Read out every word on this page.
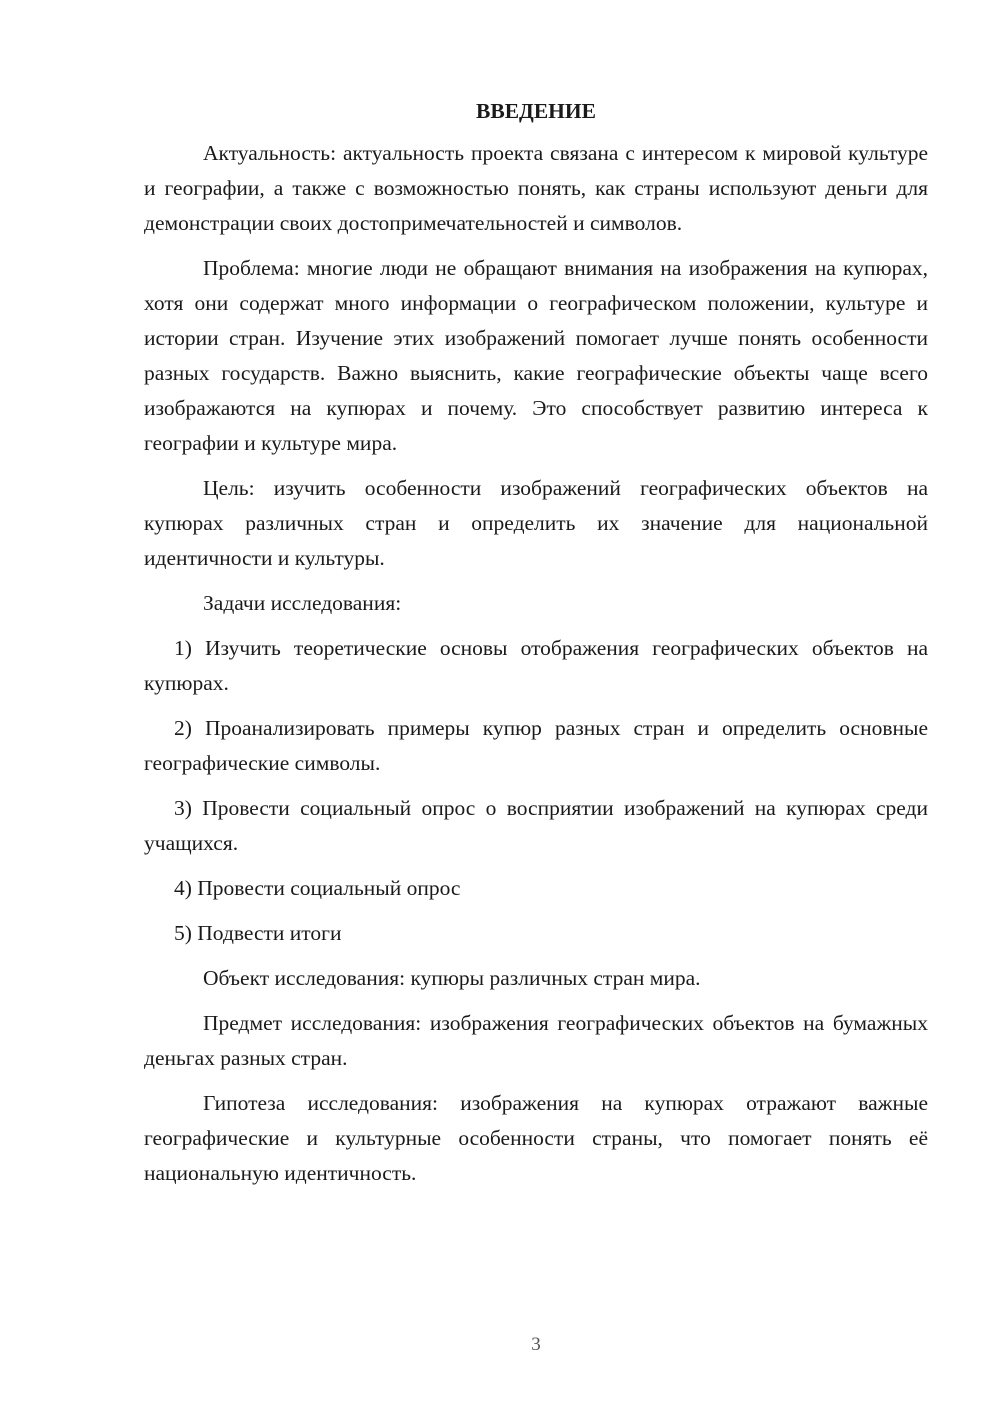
ВВЕДЕНИЕ

Актуальность: актуальность проекта связана с интересом к мировой культуре и географии, а также с возможностью понять, как страны используют деньги для демонстрации своих достопримечательностей и символов.

Проблема: многие люди не обращают внимания на изображения на купюрах, хотя они содержат много информации о географическом положении, культуре и истории стран. Изучение этих изображений помогает лучше понять особенности разных государств. Важно выяснить, какие географические объекты чаще всего изображаются на купюрах и почему. Это способствует развитию интереса к географии и культуре мира.

Цель: изучить особенности изображений географических объектов на купюрах различных стран и определить их значение для национальной идентичности и культуры.

Задачи исследования:

1) Изучить теоретические основы отображения географических объектов на купюрах.

2) Проанализировать примеры купюр разных стран и определить основные географические символы.

3) Провести социальный опрос о восприятии изображений на купюрах среди учащихся.

4) Провести социальный опрос

5) Подвести итоги

Объект исследования: купюры различных стран мира.

Предмет исследования: изображения географических объектов на бумажных деньгах разных стран.

Гипотеза исследования: изображения на купюрах отражают важные географические и культурные особенности страны, что помогает понять её национальную идентичность.

3
